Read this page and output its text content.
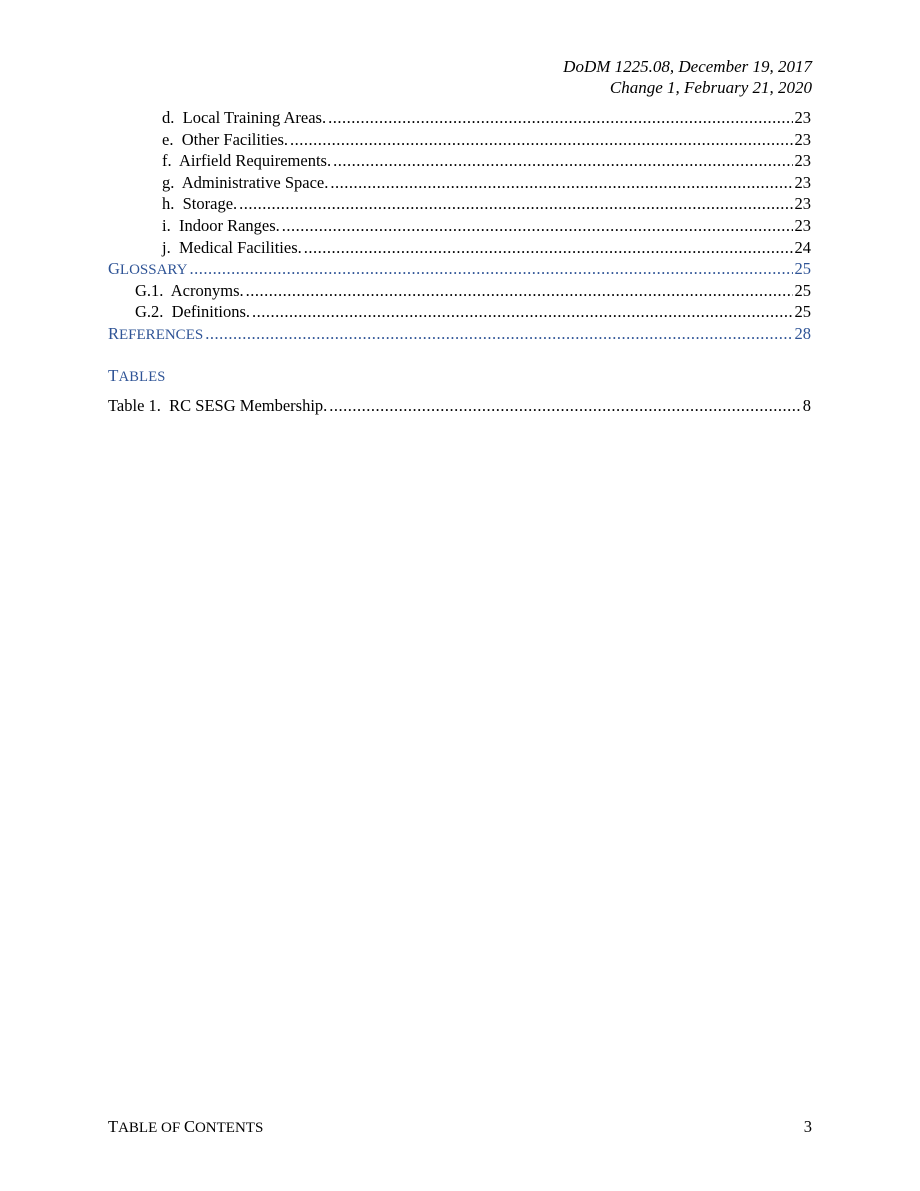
DoDM 1225.08, December 19, 2017
Change 1, February 21, 2020
d.  Local Training Areas. .....	23
e.  Other Facilities. .....	23
f.  Airfield Requirements. .....	23
g.  Administrative Space. .....	23
h.  Storage. .....	23
i.  Indoor Ranges. .....	23
j.  Medical Facilities. .....	24
GLOSSARY .....	25
G.1.  Acronyms. .....	25
G.2.  Definitions. .....	25
REFERENCES .....	28
TABLES
Table 1.  RC SESG Membership. .....	8
TABLE OF CONTENTS	3
